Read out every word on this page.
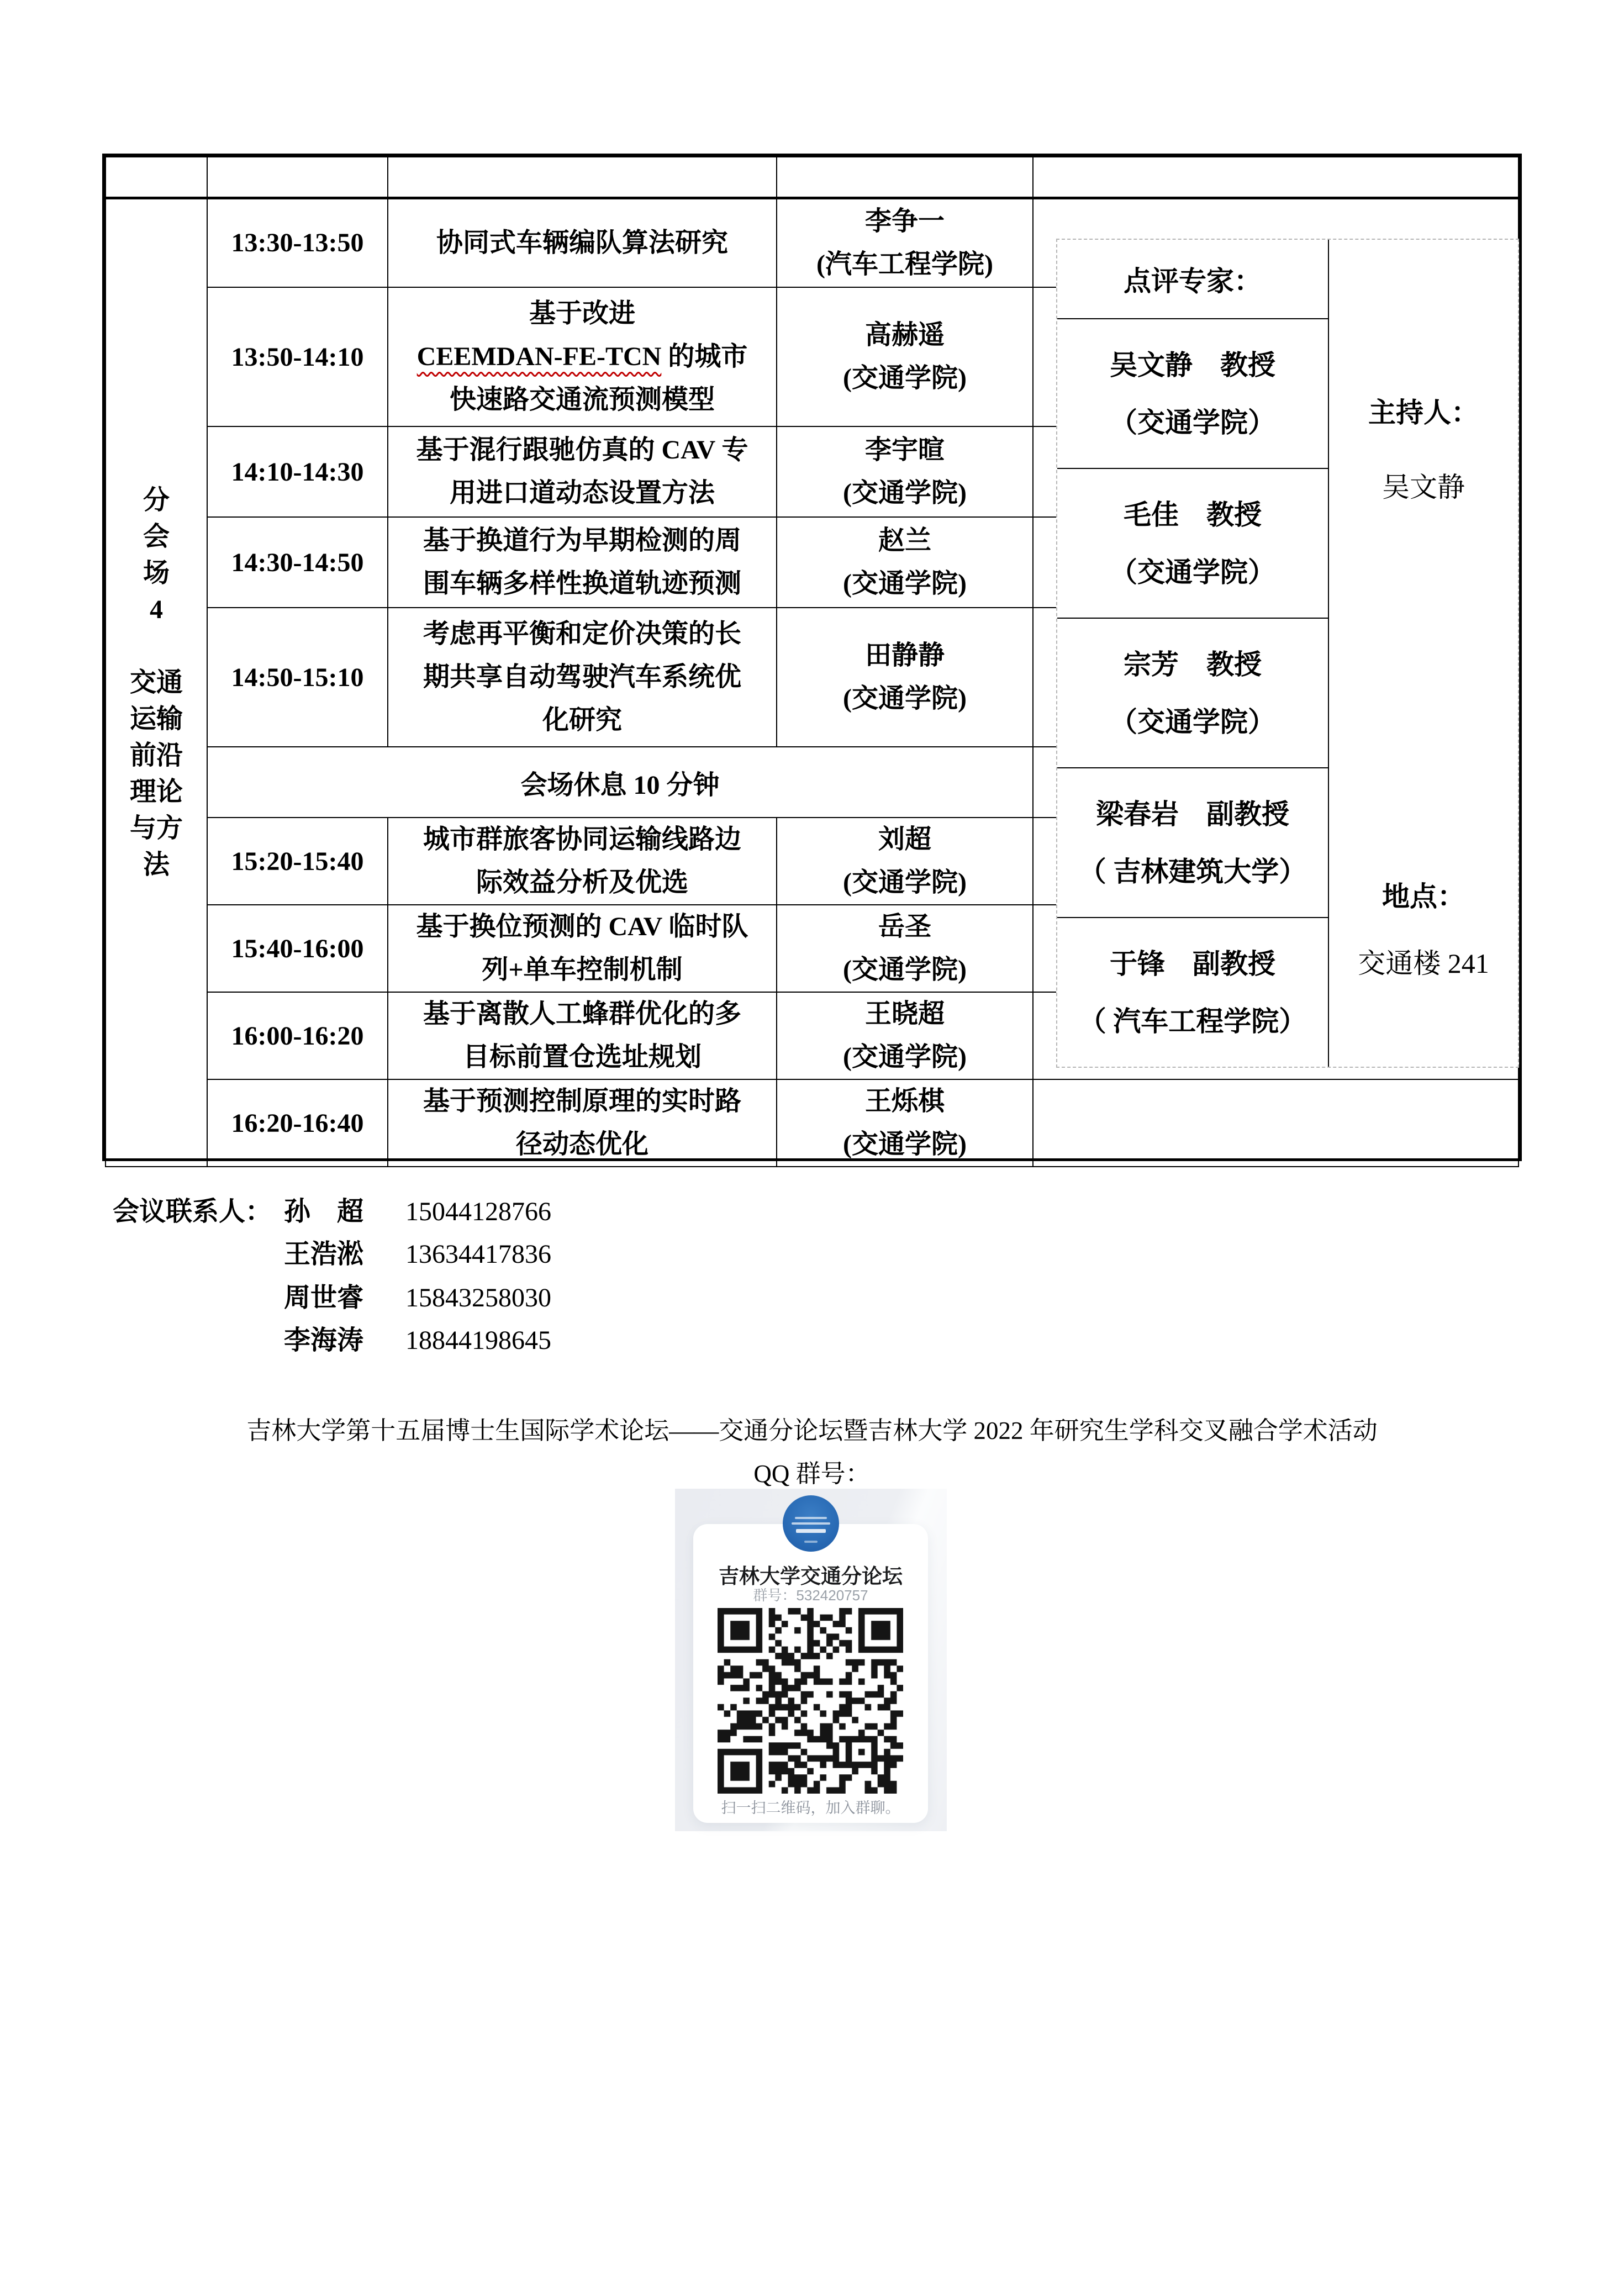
分
会
场
4

交通
运输
前沿
理论
与方
法
	13:30-13:50	协同式车辆编队算法研究	李争一
(汽车工程学院)	
	13:50-14:10	基于改进
CEEMDAN-FE-TCN 的城市
快速路交通流预测模型	高赫遥
(交通学院)	
	14:10-14:30	基于混行跟驰仿真的 CAV 专
用进口道动态设置方法	李宇暄
(交通学院)	
	14:30-14:50	基于换道行为早期检测的周
围车辆多样性换道轨迹预测	赵兰
(交通学院)	
	14:50-15:10	考虑再平衡和定价决策的长
期共享自动驾驶汽车系统优
化研究	田静静
(交通学院)	
	会场休息 10 分钟			
	15:20-15:40	城市群旅客协同运输线路边
际效益分析及优选	刘超
(交通学院)	
	15:40-16:00	基于换位预测的 CAV 临时队
列+单车控制机制	岳圣
(交通学院)	
	16:00-16:20	基于离散人工蜂群优化的多
目标前置仓选址规划	王晓超
(交通学院)	
	16:20-16:40	基于预测控制原理的实时路
径动态优化	王烁棋
(交通学院)	
点评专家：
吴文静　教授
（交通学院）
毛佳　教授
（交通学院）
宗芳　教授
（交通学院）
梁春岩　副教授
（ 吉林建筑大学）
于锋　副教授
（ 汽车工程学院）
主持人：
吴文静
地点：
交通楼 241
会议联系人： 孙　超 15044128766
王浩淞 13634417836
周世睿 15843258030
李海涛 18844198645
吉林大学第十五届博士生国际学术论坛——交通分论坛暨吉林大学 2022 年研究生学科交叉融合学术活动
QQ 群号：
吉林大学交通分论坛
群号：532420757
扫一扫二维码，加入群聊。
